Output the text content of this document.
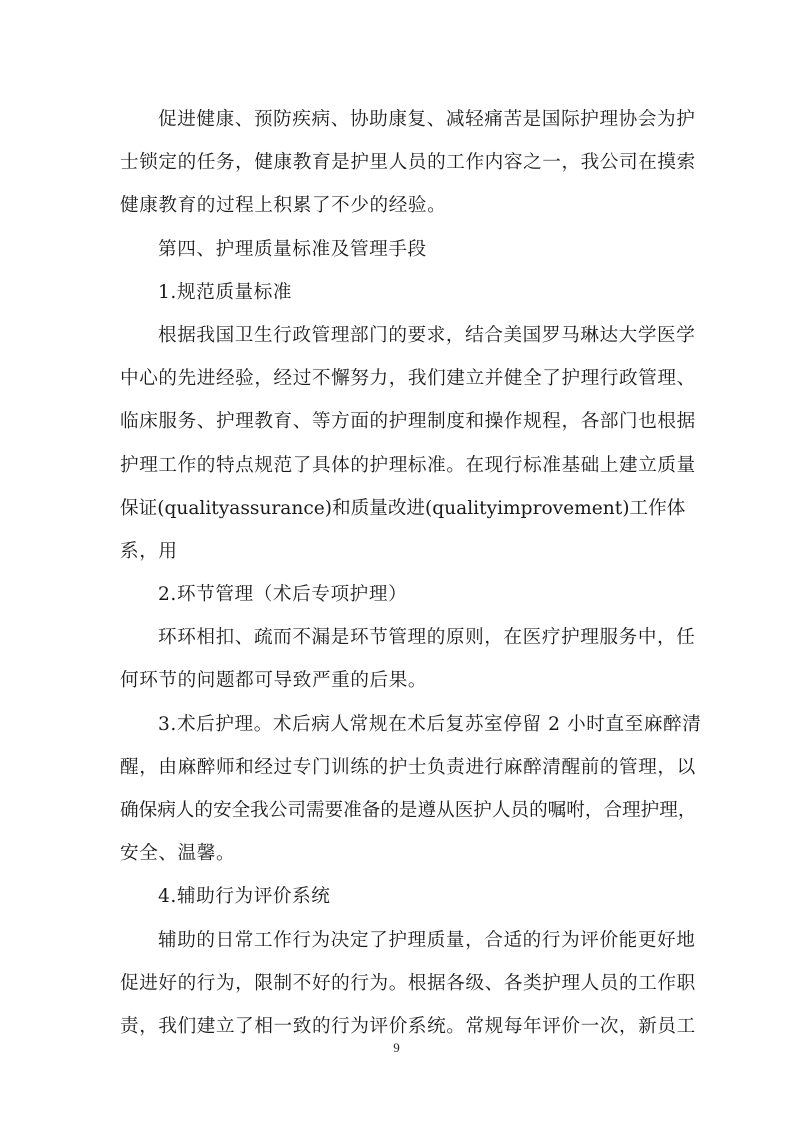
促进健康、预防疾病、协助康复、减轻痛苦是国际护理协会为护
士锁定的任务，健康教育是护里人员的工作内容之一，我公司在摸索
健康教育的过程上积累了不少的经验。
第四、护理质量标准及管理手段
1.规范质量标准
根据我国卫生行政管理部门的要求，结合美国罗马琳达大学医学
中心的先进经验，经过不懈努力，我们建立并健全了护理行政管理、
临床服务、护理教育、等方面的护理制度和操作规程，各部门也根据
护理工作的特点规范了具体的护理标准。在现行标准基础上建立质量
保证(qualityassurance)和质量改进(qualityimprovement)工作体
系，用
2.环节管理（术后专项护理）
环环相扣、疏而不漏是环节管理的原则，在医疗护理服务中，任
何环节的问题都可导致严重的后果。
3.术后护理。术后病人常规在术后复苏室停留 2 小时直至麻醉清
醒，由麻醉师和经过专门训练的护士负责进行麻醉清醒前的管理，以
确保病人的安全我公司需要准备的是遵从医护人员的嘱咐，合理护理，
安全、温馨。
4.辅助行为评价系统
辅助的日常工作行为决定了护理质量，合适的行为评价能更好地
促进好的行为，限制不好的行为。根据各级、各类护理人员的工作职
责，我们建立了相一致的行为评价系统。常规每年评价一次，新员工
9
